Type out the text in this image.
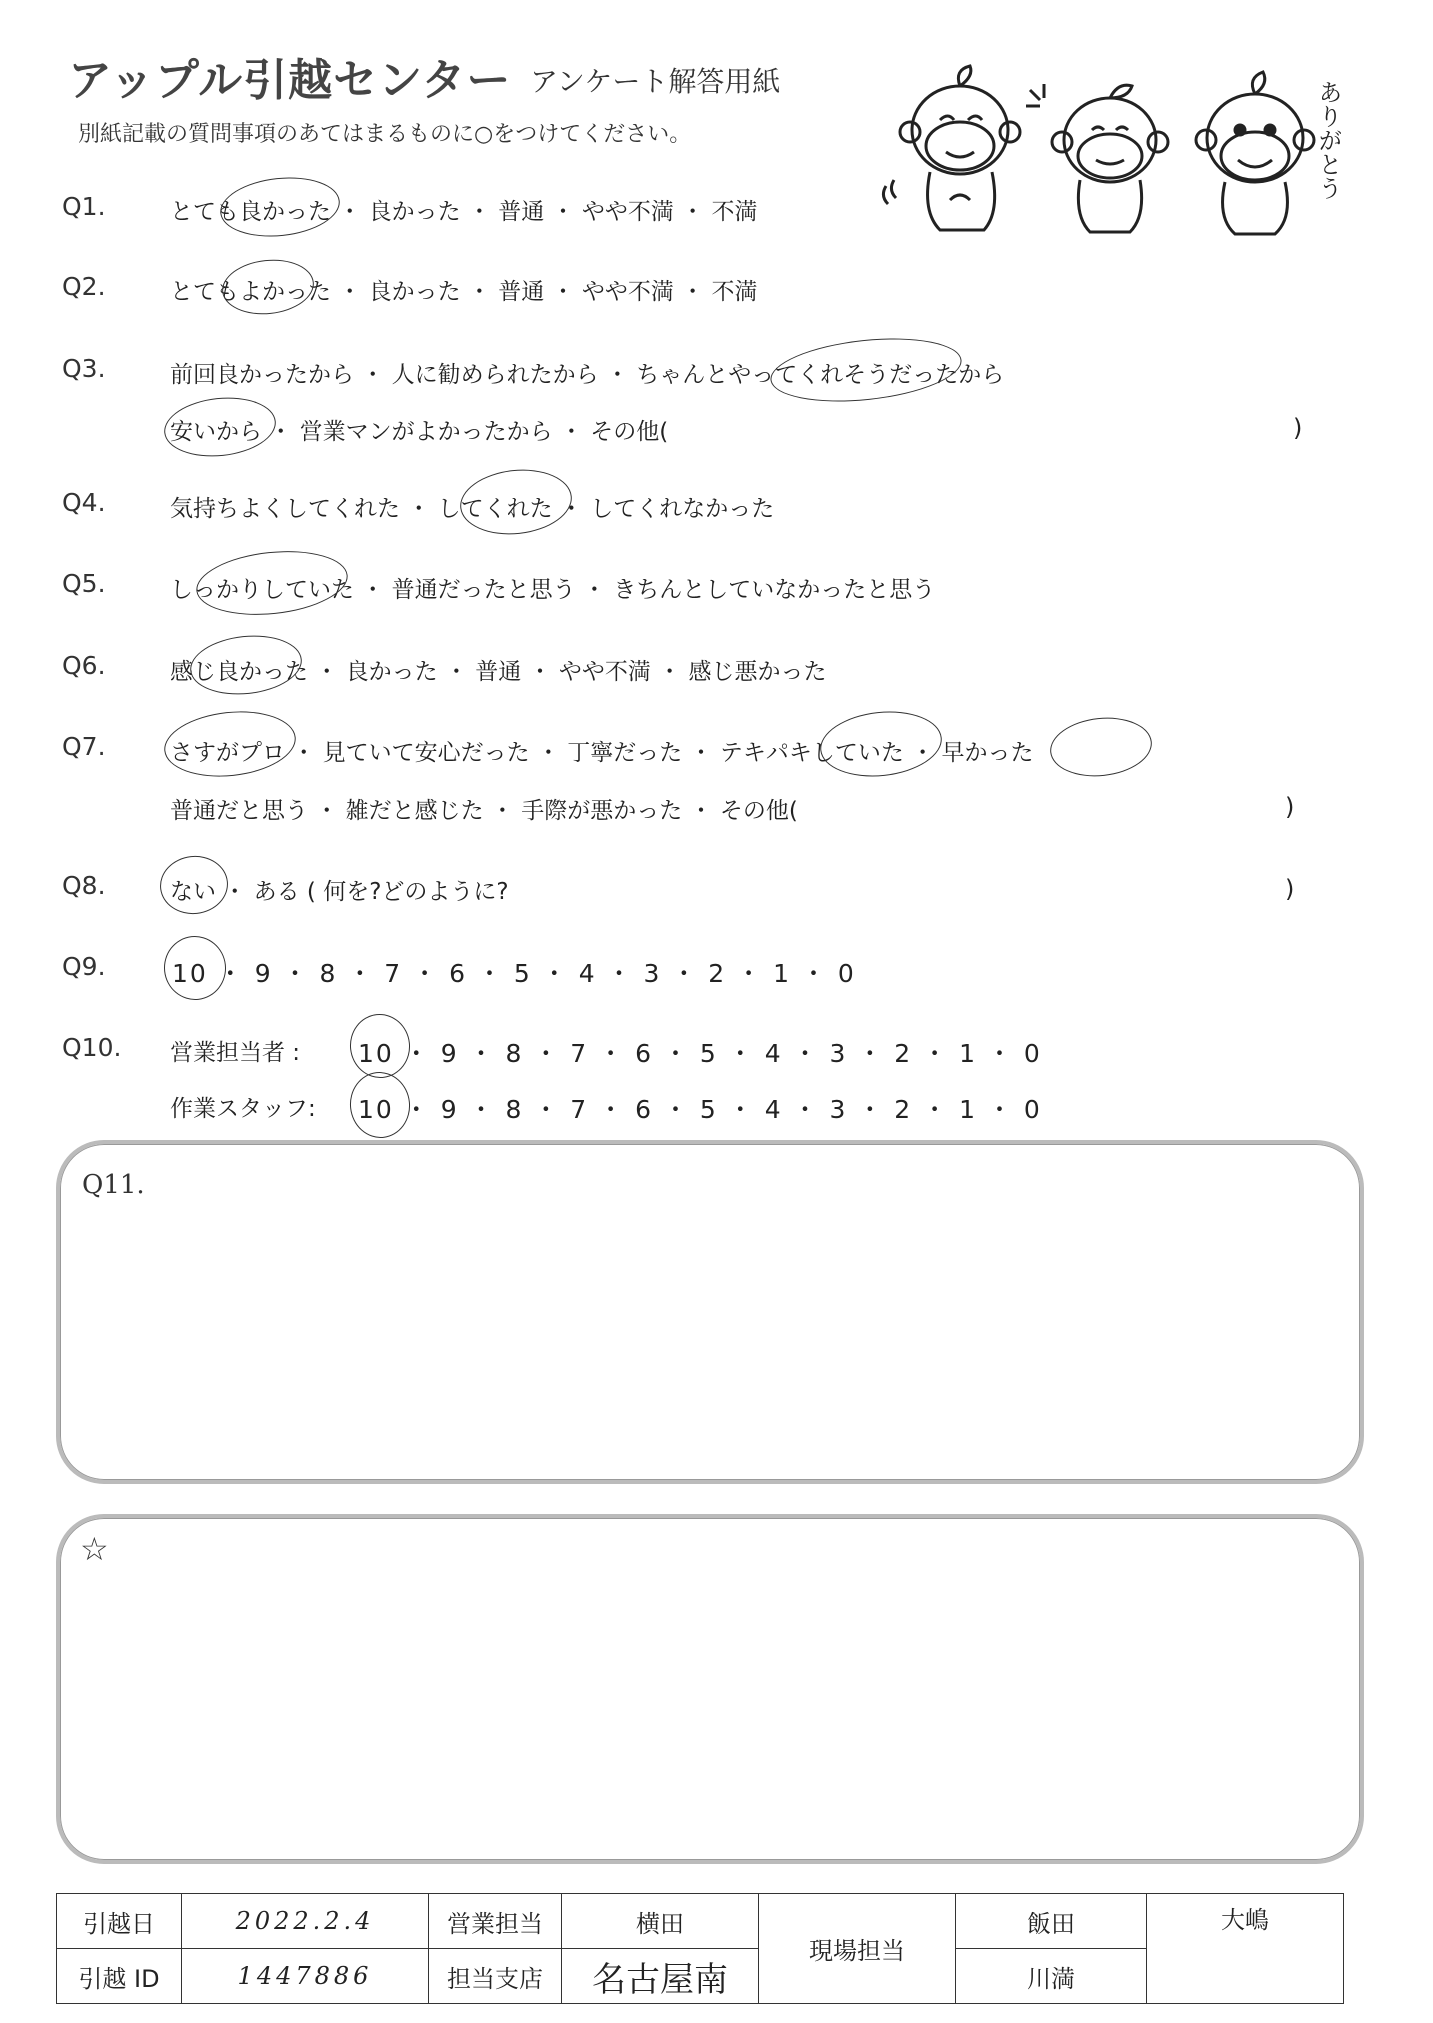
アップル引越センター アンケート解答用紙
別紙記載の質問事項のあてはまるものに○をつけてください。	ありがとう
Q1.	とても良かった ・ 良かった ・ 普通 ・ やや不満 ・ 不満
Q2.	とてもよかった ・ 良かった ・ 普通 ・ やや不満 ・ 不満
Q3.	前回良かったから ・ 人に勧められたから ・ ちゃんとやってくれそうだったから
安いから ・ 営業マンがよかったから ・ その他(	)
Q4.	気持ちよくしてくれた ・ してくれた ・ してくれなかった
Q5.	しっかりしていた ・ 普通だったと思う ・ きちんとしていなかったと思う
Q6.	感じ良かった ・ 良かった ・ 普通 ・ やや不満 ・ 感じ悪かった
Q7.	さすがプロ ・ 見ていて安心だった ・ 丁寧だった ・ テキパキしていた ・ 早かった
普通だと思う ・ 雑だと感じた ・ 手際が悪かった ・ その他(	)
Q8.	ない ・ ある ( 何を?どのように?	)
Q9.	10 ・ 9 ・ 8 ・ 7 ・ 6 ・ 5 ・ 4 ・ 3 ・ 2 ・ 1 ・ 0
Q10. 営業担当者 : 10 ・ 9 ・ 8 ・ 7 ・ 6 ・ 5 ・ 4 ・ 3 ・ 2 ・ 1 ・ 0
作業スタッフ: 10 ・ 9 ・ 8 ・ 7 ・ 6 ・ 5 ・ 4 ・ 3 ・ 2 ・ 1 ・ 0
Q11.
☆
引越日	2022.2.4	営業担当	横田	現場担当	飯田	大嶋
引越 ID	1447886	担当支店	名古屋南		川満	
